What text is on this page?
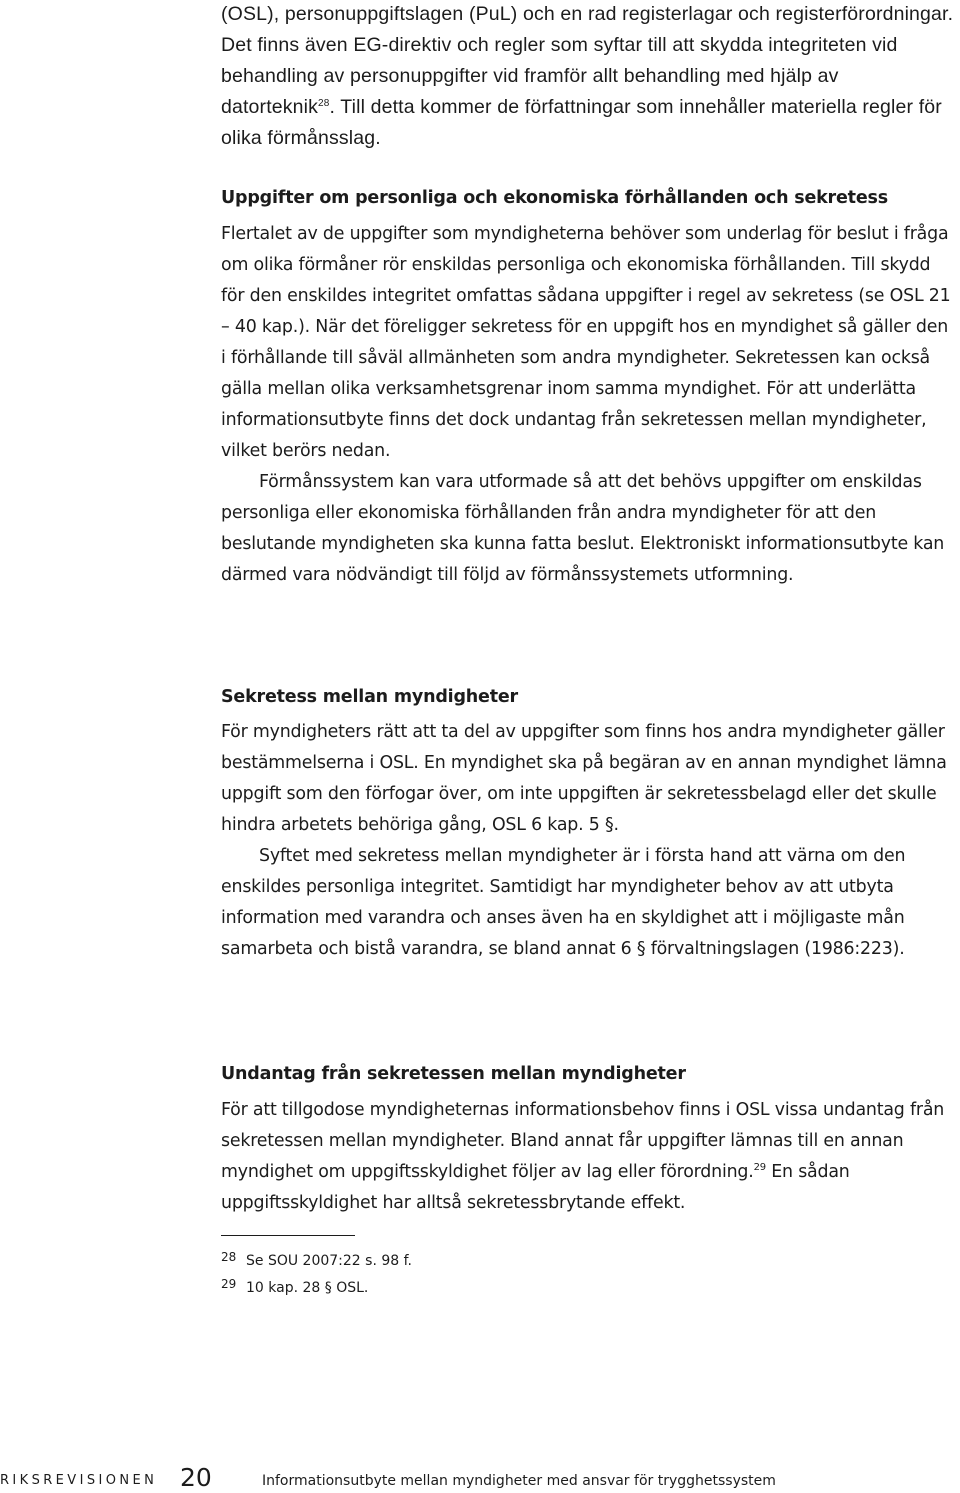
(OSL), personuppgiftslagen (PuL) och en rad registerlagar och registerförordningar. Det finns även EG-direktiv och regler som syftar till att skydda integriteten vid behandling av personuppgifter vid framför allt behandling med hjälp av datorteknik$^{28}$. Till detta kommer de författningar som innehåller materiella regler för olika förmånsslag.

Uppgifter om personliga och ekonomiska förhållanden och sekretess

Flertalet av de uppgifter som myndigheterna behöver som underlag för beslut i fråga om olika förmåner rör enskildas personliga och ekonomiska förhållanden. Till skydd för den enskildes integritet omfattas sådana uppgifter i regel av sekretess (se OSL 21 – 40 kap.). När det föreligger sekretess för en uppgift hos en myndighet så gäller den i förhållande till såväl allmänheten som andra myndigheter. Sekretessen kan också gälla mellan olika verksamhetsgrenar inom samma myndighet. För att underlätta informationsutbyte finns det dock undantag från sekretessen mellan myndigheter, vilket berörs nedan.

Förmånssystem kan vara utformade så att det behövs uppgifter om enskildas personliga eller ekonomiska förhållanden från andra myndigheter för att den beslutande myndigheten ska kunna fatta beslut. Elektroniskt informationsutbyte kan därmed vara nödvändigt till följd av förmånssystemets utformning.

Sekretess mellan myndigheter

För myndigheters rätt att ta del av uppgifter som finns hos andra myndigheter gäller bestämmelserna i OSL. En myndighet ska på begäran av en annan myndighet lämna uppgift som den förfogar över, om inte uppgiften är sekretessbelagd eller det skulle hindra arbetets behöriga gång, OSL 6 kap. 5 §.

Syftet med sekretess mellan myndigheter är i första hand att värna om den enskildes personliga integritet. Samtidigt har myndigheter behov av att utbyta information med varandra och anses även ha en skyldighet att i möjligaste mån samarbeta och bistå varandra, se bland annat 6 § förvaltningslagen (1986:223).

Undantag från sekretessen mellan myndigheter

För att tillgodose myndigheternas informationsbehov finns i OSL vissa undantag från sekretessen mellan myndigheter. Bland annat får uppgifter lämnas till en annan myndighet om uppgiftsskyldighet följer av lag eller förordning.$^{29}$ En sådan uppgiftsskyldighet har alltså sekretessbrytande effekt.

28 Se SOU 2007:22 s. 98 f.
29 10 kap. 28 § OSL.
RIKSREVISIONEN 20	Informationsutbyte mellan myndigheter med ansvar för trygghetssystem
